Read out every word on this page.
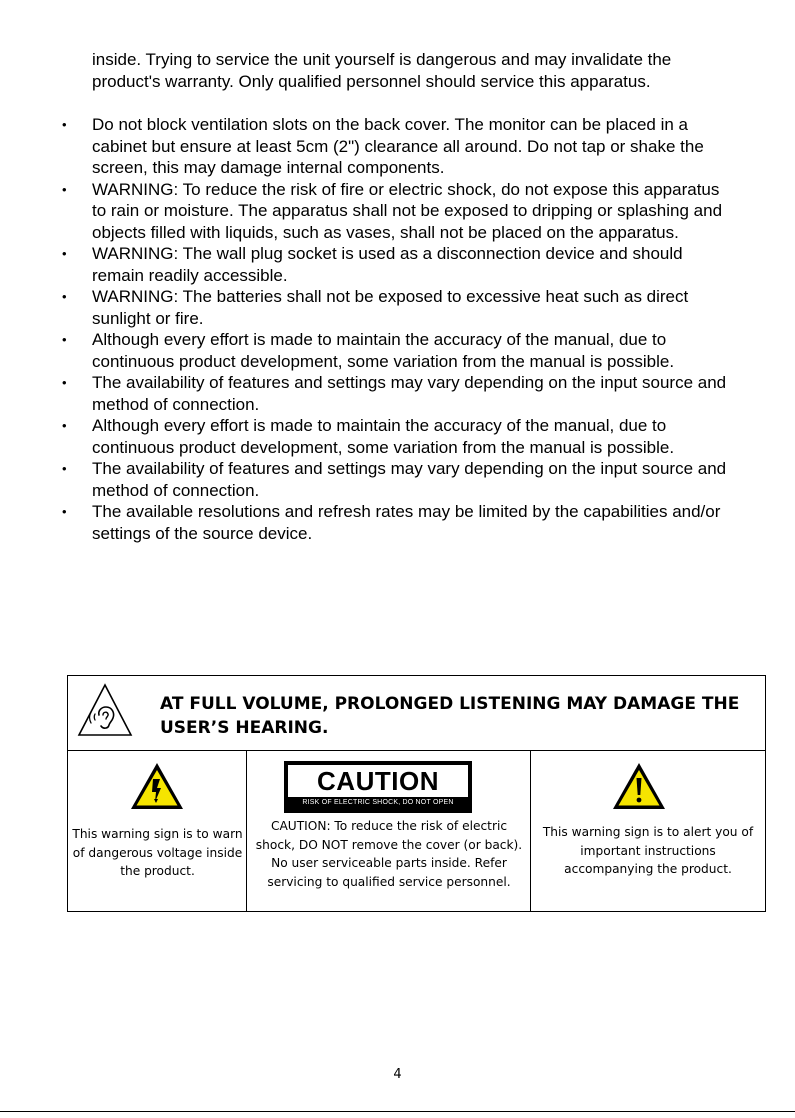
inside. Trying to service the unit yourself is dangerous and may invalidate the product's warranty. Only qualified personnel should service this apparatus.

• Do not block ventilation slots on the back cover. The monitor can be placed in a cabinet but ensure at least 5cm (2") clearance all around. Do not tap or shake the screen, this may damage internal components.
• WARNING: To reduce the risk of fire or electric shock, do not expose this apparatus to rain or moisture. The apparatus shall not be exposed to dripping or splashing and objects filled with liquids, such as vases, shall not be placed on the apparatus.
• WARNING: The wall plug socket is used as a disconnection device and should remain readily accessible.
• WARNING: The batteries shall not be exposed to excessive heat such as direct sunlight or fire.
• Although every effort is made to maintain the accuracy of the manual, due to continuous product development, some variation from the manual is possible.
• The availability of features and settings may vary depending on the input source and method of connection.
• Although every effort is made to maintain the accuracy of the manual, due to continuous product development, some variation from the manual is possible.
• The availability of features and settings may vary depending on the input source and method of connection.
• The available resolutions and refresh rates may be limited by the capabilities and/or settings of the source device.

AT FULL VOLUME, PROLONGED LISTENING MAY DAMAGE THE USER’S HEARING.

This warning sign is to warn of dangerous voltage inside the product.

CAUTION
RISK OF ELECTRIC SHOCK, DO NOT OPEN

CAUTION: To reduce the risk of electric shock, DO NOT remove the cover (or back). No user serviceable parts inside. Refer servicing to qualified service personnel.

This warning sign is to alert you of important instructions accompanying the product.

4
